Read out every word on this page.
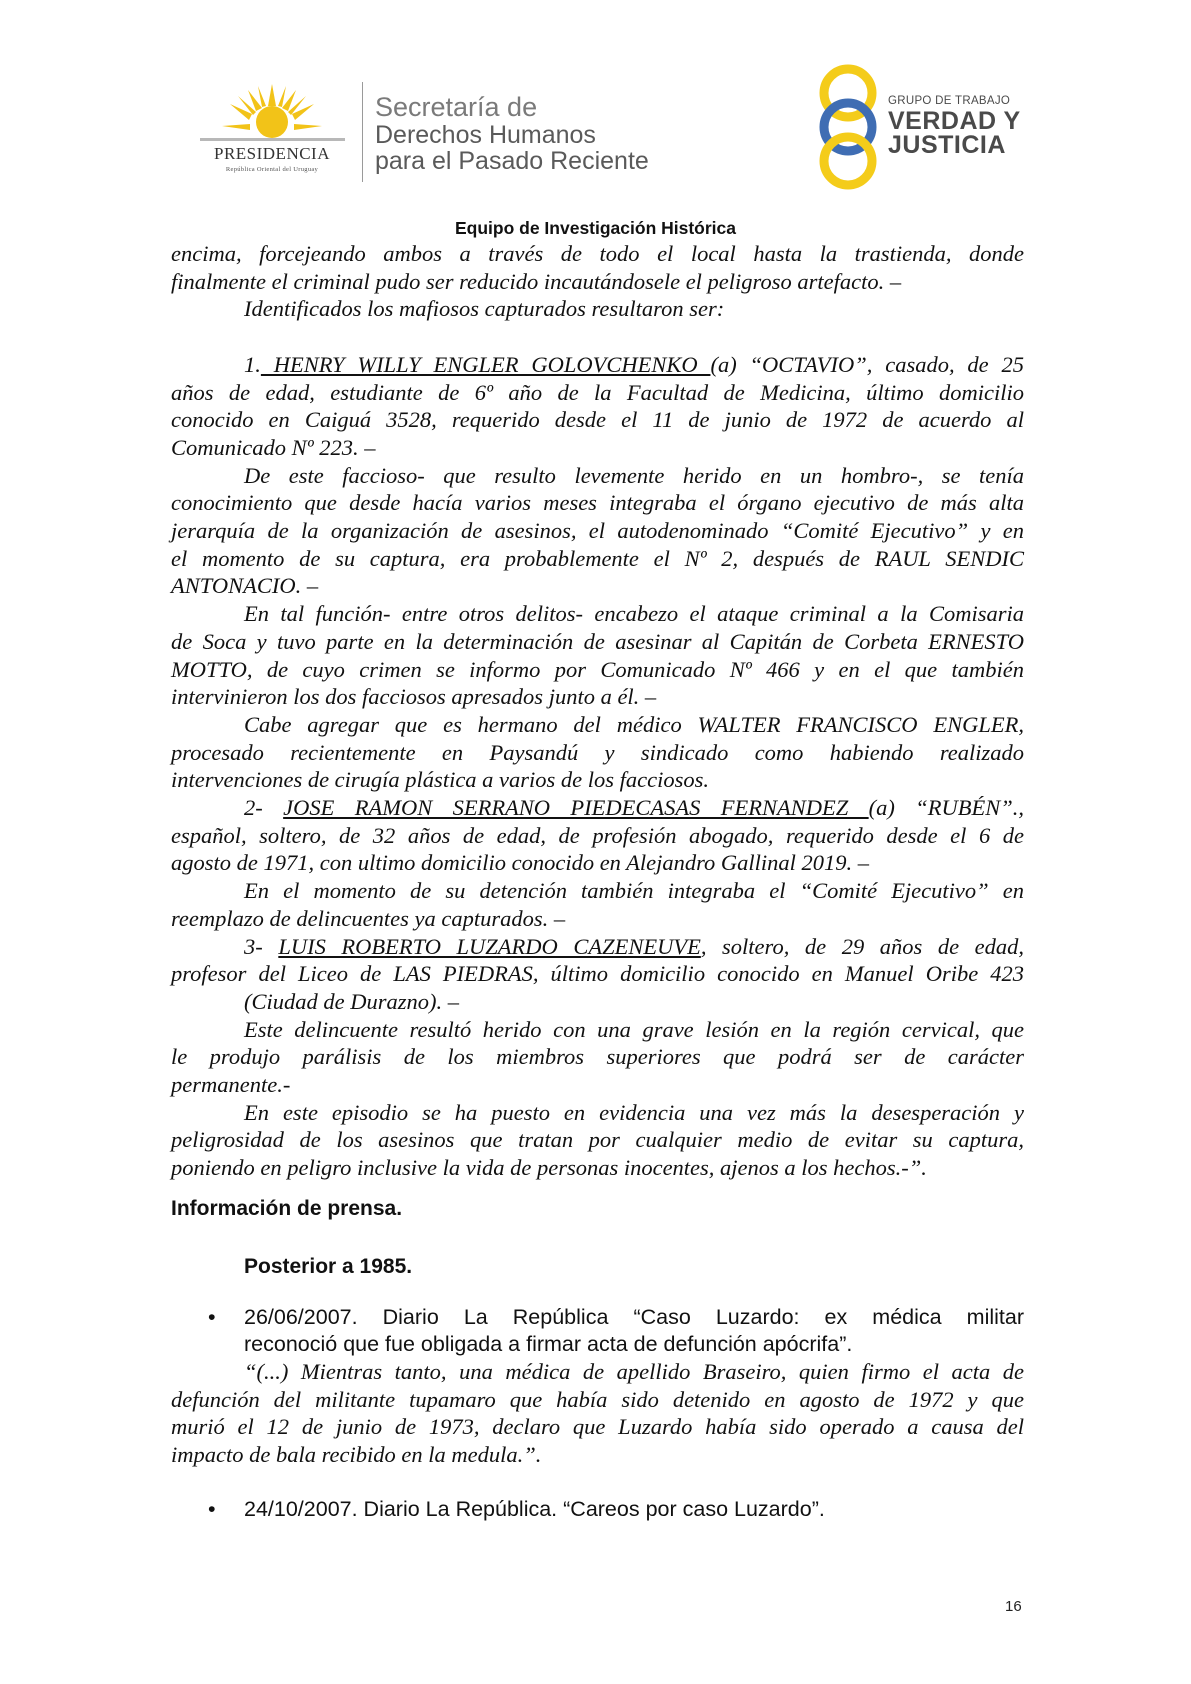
PRESIDENCIA
República Oriental del Uruguay
Secretaría de
Derechos Humanos
para el Pasado Reciente
GRUPO DE TRABAJO
VERDAD Y
JUSTICIA
Equipo de Investigación Histórica
encima, forcejeando ambos a través de todo el local hasta la trastienda, donde
finalmente el criminal pudo ser reducido incautándosele el peligroso artefacto. –
Identificados los mafiosos capturados resultaron ser:
1. HENRY WILLY ENGLER GOLOVCHENKO (a) “OCTAVIO”, casado, de 25
años de edad, estudiante de 6º año de la Facultad de Medicina, último domicilio
conocido en Caiguá 3528, requerido desde el 11 de junio de 1972 de acuerdo al
Comunicado Nº 223. –
De este faccioso- que resulto levemente herido en un hombro-, se tenía
conocimiento que desde hacía varios meses integraba el órgano ejecutivo de más alta
jerarquía de la organización de asesinos, el autodenominado “Comité Ejecutivo” y en
el momento de su captura, era probablemente el Nº 2, después de RAUL SENDIC
ANTONACIO. –
En tal función- entre otros delitos- encabezo el ataque criminal a la Comisaria
de Soca y tuvo parte en la determinación de asesinar al Capitán de Corbeta ERNESTO
MOTTO, de cuyo crimen se informo por Comunicado Nº 466 y en el que también
intervinieron los dos facciosos apresados junto a él. –
Cabe agregar que es hermano del médico WALTER FRANCISCO ENGLER,
procesado recientemente en Paysandú y sindicado como habiendo realizado
intervenciones de cirugía plástica a varios de los facciosos.
2- JOSE RAMON SERRANO PIEDECASAS FERNANDEZ (a) “RUBÉN”.,
español, soltero, de 32 años de edad, de profesión abogado, requerido desde el 6 de
agosto de 1971, con ultimo domicilio conocido en Alejandro Gallinal 2019. –
En el momento de su detención también integraba el “Comité Ejecutivo” en
reemplazo de delincuentes ya capturados. –
3- LUIS ROBERTO LUZARDO CAZENEUVE, soltero, de 29 años de edad,
profesor del Liceo de LAS PIEDRAS, último domicilio conocido en Manuel Oribe 423
(Ciudad de Durazno). –
Este delincuente resultó herido con una grave lesión en la región cervical, que
le produjo parálisis de los miembros superiores que podrá ser de carácter
permanente.-
En este episodio se ha puesto en evidencia una vez más la desesperación y
peligrosidad de los asesinos que tratan por cualquier medio de evitar su captura,
poniendo en peligro inclusive la vida de personas inocentes, ajenos a los hechos.-”.
Información de prensa.
Posterior a 1985.
• 26/06/2007. Diario La República “Caso Luzardo: ex médica militar
reconoció que fue obligada a firmar acta de defunción apócrifa”.
“(...) Mientras tanto, una médica de apellido Braseiro, quien firmo el acta de
defunción del militante tupamaro que había sido detenido en agosto de 1972 y que
murió el 12 de junio de 1973, declaro que Luzardo había sido operado a causa del
impacto de bala recibido en la medula.”.
• 24/10/2007. Diario La República. “Careos por caso Luzardo”.
16
